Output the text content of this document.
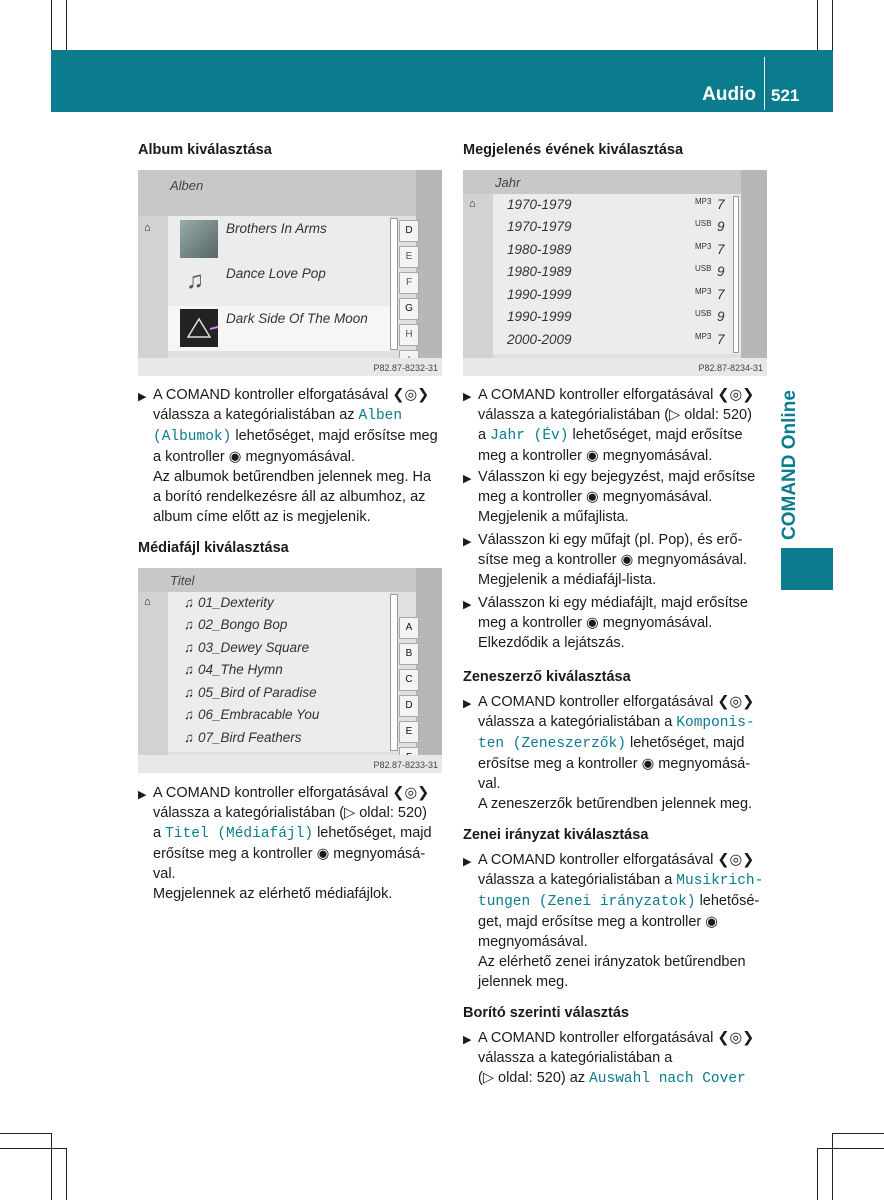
Audio 521
COMAND Online
Album kiválasztása
Alben
⌂	Brothers In Arms
♫ Dance Love Pop
Dark Side Of The Moon
D
E
F
G
H
P82.87-8232-31
▶ A COMAND kontroller elforgatásával ❮◎❯
válassza a kategórialistában az Alben
(Albumok) lehetőséget, majd erősítse meg
a kontroller ◉ megnyomásával.
Az albumok betűrendben jelennek meg. Ha
a borító rendelkezésre áll az albumhoz, az
album címe előtt az is megjelenik.
Médiafájl kiválasztása
Titel
⌂ ♫ 01_Dexterity
♫ 02_Bongo Bop
♫ 03_Dewey Square
♫ 04_The Hymn
♫ 05_Bird of Paradise
♫ 06_Embracable You
♫ 07_Bird Feathers
A
B
C
D
E
P82.87-8233-31
▶ A COMAND kontroller elforgatásával ❮◎❯
válassza a kategórialistában (▷ oldal: 520)
a Titel (Médiafájl) lehetőséget, majd
erősítse meg a kontroller ◉ megnyomásá-
val.
Megjelennek az elérhető médiafájlok.
Megjelenés évének kiválasztása
Jahr
⌂ 1970-1979	MP3 7
1970-1979	USB 9
1980-1989	MP3 7
1980-1989	USB 9
1990-1999	MP3 7
1990-1999	USB 9
2000-2009	MP3 7
P82.87-8234-31
▶ A COMAND kontroller elforgatásával ❮◎❯
válassza a kategórialistában (▷ oldal: 520)
a Jahr (Év) lehetőséget, majd erősítse
meg a kontroller ◉ megnyomásával.
▶ Válasszon ki egy bejegyzést, majd erősítse
meg a kontroller ◉ megnyomásával.
Megjelenik a műfajlista.
▶ Válasszon ki egy műfajt (pl. Pop), és erő-
sítse meg a kontroller ◉ megnyomásával.
Megjelenik a médiafájl-lista.
▶ Válasszon ki egy médiafájlt, majd erősítse
meg a kontroller ◉ megnyomásával.
Elkezdődik a lejátszás.
Zeneszerző kiválasztása
▶ A COMAND kontroller elforgatásával ❮◎❯
válassza a kategórialistában a Komponis-
ten (Zeneszerzők) lehetőséget, majd
erősítse meg a kontroller ◉ megnyomásá-
val.
A zeneszerzők betűrendben jelennek meg.
Zenei irányzat kiválasztása
▶ A COMAND kontroller elforgatásával ❮◎❯
válassza a kategórialistában a Musikrich-
tungen (Zenei irányzatok) lehetősé-
get, majd erősítse meg a kontroller ◉
megnyomásával.
Az elérhető zenei irányzatok betűrendben
jelennek meg.
Borító szerinti választás
▶ A COMAND kontroller elforgatásával ❮◎❯
válassza a kategórialistában a
(▷ oldal: 520) az Auswahl nach Cover
